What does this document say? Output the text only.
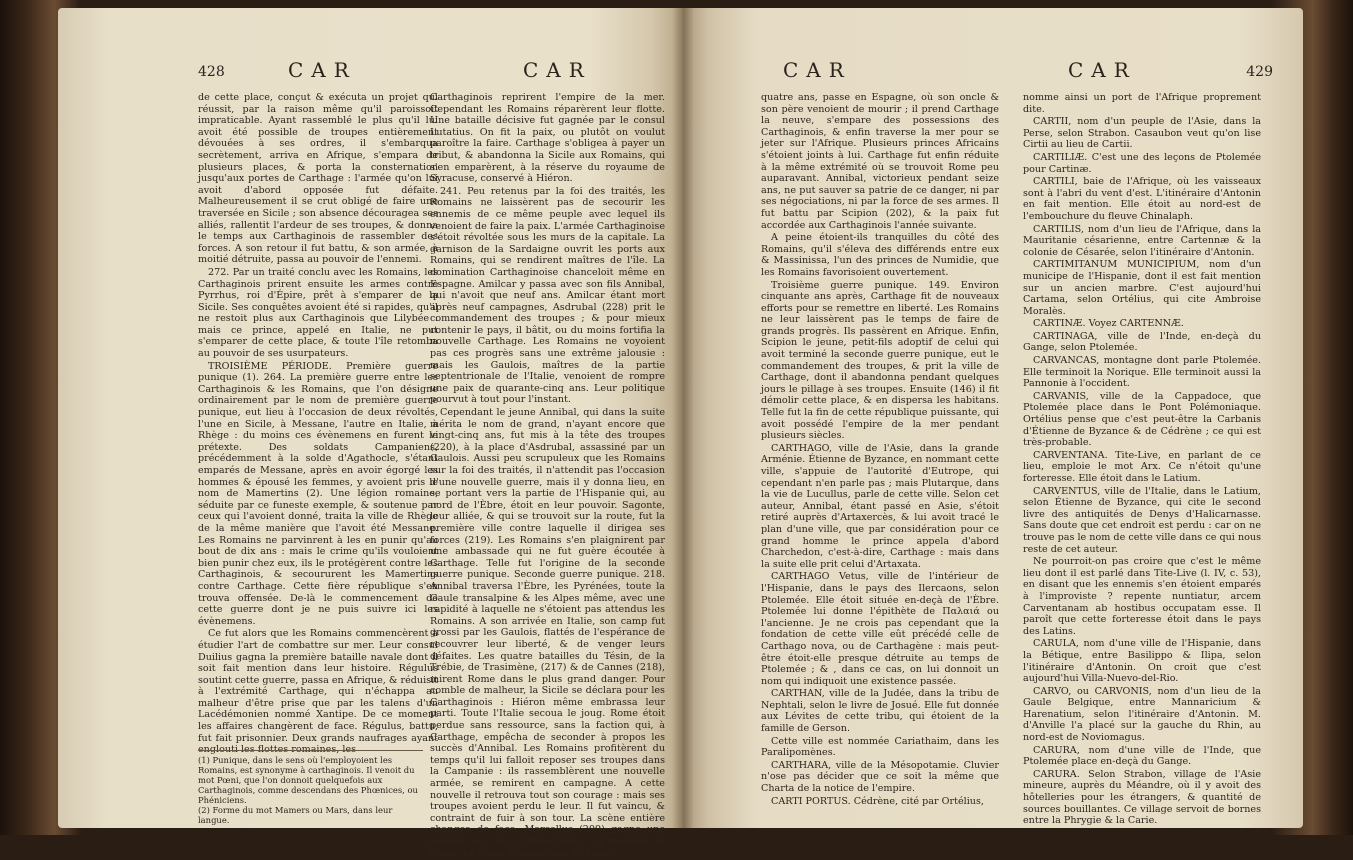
428	CAR	CAR

de cette place, conçut & exécuta un projet qui réussit, par la raison même qu'il paroissoit impraticable. Ayant rassemblé le plus qu'il lui avoit été possible de troupes entièrement dévouées à ses ordres, il s'embarqua secrètement, arriva en Afrique, s'empara de plusieurs places, & porta la consternation jusqu'aux portes de Carthage : l'armée qu'on lui avoit d'abord opposée fut défaite. Malheureusement il se crut obligé de faire une traversée en Sicile ; son absence découragea ses alliés, rallentit l'ardeur de ses troupes, & donna le temps aux Carthaginois de rassembler des forces. A son retour il fut battu, & son armée, à moitié détruite, passa au pouvoir de l'ennemi.

272. Par un traité conclu avec les Romains, les Carthaginois prirent ensuite les armes contre Pyrrhus, roi d'Épire, prêt à s'emparer de la Sicile. Ses conquêtes avoient été si rapides, qu'il ne restoit plus aux Carthaginois que Lilybée : mais ce prince, appelé en Italie, ne put s'emparer de cette place, & toute l'île retomba au pouvoir de ses usurpateurs.

TROISIÈME PÉRIODE. Première guerre punique (1). 264. La première guerre entre les Carthaginois & les Romains, que l'on désigne ordinairement par le nom de première guerre punique, eut lieu à l'occasion de deux révoltés, l'une en Sicile, à Messane, l'autre en Italie, à Rhège : du moins ces évènemens en furent le prétexte. Des soldats Campaniens, précédemment à la solde d'Agathocle, s'étant emparés de Messane, après en avoir égorgé les hommes & épousé les femmes, y avoient pris le nom de Mamertins (2). Une légion romaine, séduite par ce funeste exemple, & soutenue par ceux qui l'avoient donné, traita la ville de Rhège de la même manière que l'avoit été Messane. Les Romains ne parvinrent à les en punir qu'au bout de dix ans : mais le crime qu'ils vouloient bien punir chez eux, ils le protégèrent contre les Carthaginois, & secoururent les Mamertins contre Carthage. Cette fière république s'en trouva offensée. De-là le commencement de cette guerre dont je ne puis suivre ici les évènemens.

Ce fut alors que les Romains commencèrent à étudier l'art de combattre sur mer. Leur consul Duilius gagna la première bataille navale dont il soit fait mention dans leur histoire. Régulus soutint cette guerre, passa en Afrique, & réduisit à l'extrémité Carthage, qui n'échappa au malheur d'être prise que par les talens d'un Lacédémonien nommé Xantipe. De ce moment les affaires changèrent de face. Régulus, battu, fut fait prisonnier. Deux grands naufrages ayant englouti les flottes romaines, les

(1) Punique, dans le sens où l'employoient les Romains, est synonyme à carthaginois. Il venoit du mot Pœni, que l'on donnoit quelquefois aux Carthaginois, comme descendans des Phœnices, ou Phéniciens.

(2) Forme du mot Mamers ou Mars, dans leur langue.

Carthaginois reprirent l'empire de la mer. Cependant les Romains réparèrent leur flotte. Une bataille décisive fut gagnée par le consul Lutatius. On fit la paix, ou plutôt on voulut paroître la faire. Carthage s'obligea à payer un tribut, & abandonna la Sicile aux Romains, qui s'en emparèrent, à la réserve du royaume de Syracuse, conservé à Hiéron.

241. Peu retenus par la foi des traités, les Romains ne laissèrent pas de secourir les ennemis de ce même peuple avec lequel ils venoient de faire la paix. L'armée Carthaginoise s'étoit révoltée sous les murs de la capitale. La garnison de la Sardaigne ouvrit les ports aux Romains, qui se rendirent maîtres de l'île. La domination Carthaginoise chanceloit même en Espagne. Amilcar y passa avec son fils Annibal, qui n'avoit que neuf ans. Amilcar étant mort après neuf campagnes, Asdrubal (228) prit le commandement des troupes ; & pour mieux contenir le pays, il bâtit, ou du moins fortifia la nouvelle Carthage. Les Romains ne voyoient pas ces progrès sans une extrême jalousie : mais les Gaulois, maîtres de la partie septentrionale de l'Italie, venoient de rompre une paix de quarante-cinq ans. Leur politique pourvut à tout pour l'instant.

Cependant le jeune Annibal, qui dans la suite mérita le nom de grand, n'ayant encore que vingt-cinq ans, fut mis à la tête des troupes (220), à la place d'Asdrubal, assassiné par un Gaulois. Aussi peu scrupuleux que les Romains sur la foi des traités, il n'attendit pas l'occasion d'une nouvelle guerre, mais il y donna lieu, en se portant vers la partie de l'Hispanie qui, au nord de l'Èbre, étoit en leur pouvoir. Sagonte, leur alliée, & qui se trouvoit sur la route, fut la première ville contre laquelle il dirigea ses forces (219). Les Romains s'en plaignirent par une ambassade qui ne fut guère écoutée à Carthage. Telle fut l'origine de la seconde guerre punique. Seconde guerre punique. 218. Annibal traversa l'Èbre, les Pyrénées, toute la Gaule transalpine & les Alpes même, avec une rapidité à laquelle ne s'étoient pas attendus les Romains. A son arrivée en Italie, son camp fut grossi par les Gaulois, flattés de l'espérance de recouvrer leur liberté, & de venger leurs défaites. Les quatre batailles du Tésin, de la Trébie, de Trasimène, (217) & de Cannes (218), mirent Rome dans le plus grand danger. Pour comble de malheur, la Sicile se déclara pour les Carthaginois : Hiéron même embrassa leur parti. Toute l'Italie secoua le joug. Rome étoit perdue sans ressource, sans la faction qui, à Carthage, empêcha de seconder à propos les succès d'Annibal. Les Romains profitèrent du temps qu'il lui falloit reposer ses troupes dans la Campanie : ils rassemblèrent une nouvelle armée, se remirent en campagne. A cette nouvelle il retrouva tout son courage : mais ses troupes avoient perdu le leur. Il fut vaincu, & contraint de fuir à son tour. La scène entière changea de face. Marcellus (209) gagne une bataille sur les Carthaginois : il regagne la Sicile. Le jeune Scipion, âgé de vingt-

CAR	CAR	429

quatre ans, passe en Espagne, où son oncle & son père venoient de mourir ; il prend Carthage la neuve, s'empare des possessions des Carthaginois, & enfin traverse la mer pour se jeter sur l'Afrique. Plusieurs princes Africains s'étoient joints à lui. Carthage fut enfin réduite à la même extrémité où se trouvoit Rome peu auparavant. Annibal, victorieux pendant seize ans, ne put sauver sa patrie de ce danger, ni par ses négociations, ni par la force de ses armes. Il fut battu par Scipion (202), & la paix fut accordée aux Carthaginois l'année suivante.

A peine étoient-ils tranquilles du côté des Romains, qu'il s'éleva des différends entre eux & Massinissa, l'un des princes de Numidie, que les Romains favorisoient ouvertement.

Troisième guerre punique. 149. Environ cinquante ans après, Carthage fit de nouveaux efforts pour se remettre en liberté. Les Romains ne leur laissèrent pas le temps de faire de grands progrès. Ils passèrent en Afrique. Enfin, Scipion le jeune, petit-fils adoptif de celui qui avoit terminé la seconde guerre punique, eut le commandement des troupes, & prit la ville de Carthage, dont il abandonna pendant quelques jours le pillage à ses troupes. Ensuite (146) il fit démolir cette place, & en dispersa les habitans. Telle fut la fin de cette république puissante, qui avoit possédé l'empire de la mer pendant plusieurs siècles.

CARTHAGO, ville de l'Asie, dans la grande Arménie. Étienne de Byzance, en nommant cette ville, s'appuie de l'autorité d'Eutrope, qui cependant n'en parle pas ; mais Plutarque, dans la vie de Lucullus, parle de cette ville. Selon cet auteur, Annibal, étant passé en Asie, s'étoit retiré auprès d'Artaxercès, & lui avoit tracé le plan d'une ville, que par considération pour ce grand homme le prince appela d'abord Charchedon, c'est-à-dire, Carthage : mais dans la suite elle prit celui d'Artaxata.

CARTHAGO Vetus, ville de l'intérieur de l'Hispanie, dans le pays des Ilercaons, selon Ptolemée. Elle étoit située en-deçà de l'Èbre. Ptolemée lui donne l'épithète de Παλαιά ou l'ancienne. Je ne crois pas cependant que la fondation de cette ville eût précédé celle de Carthago nova, ou de Carthagène : mais peut-être étoit-elle presque détruite au temps de Ptolemée ; & , dans ce cas, on lui donnoit un nom qui indiquoit une existence passée.

CARTHAN, ville de la Judée, dans la tribu de Nephtali, selon le livre de Josué. Elle fut donnée aux Lévites de cette tribu, qui étoient de la famille de Gerson.

Cette ville est nommée Cariathaim, dans les Paralipomènes.

CARTHARA, ville de la Mésopotamie. Cluvier n'ose pas décider que ce soit la même que Charta de la notice de l'empire.

CARTI PORTUS. Cédrène, cité par Ortélius,

nomme ainsi un port de l'Afrique proprement dite.

CARTII, nom d'un peuple de l'Asie, dans la Perse, selon Strabon. Casaubon veut qu'on lise Cirtii au lieu de Cartii.

CARTILIÆ. C'est une des leçons de Ptolemée pour Cartinæ.

CARTILI, baie de l'Afrique, où les vaisseaux sont à l'abri du vent d'est. L'itinéraire d'Antonin en fait mention. Elle étoit au nord-est de l'embouchure du fleuve Chinalaph.

CARTILIS, nom d'un lieu de l'Afrique, dans la Mauritanie césarienne, entre Cartennæ & la colonie de Césarée, selon l'itinéraire d'Antonin.

CARTIMITANUM MUNICIPIUM, nom d'un municipe de l'Hispanie, dont il est fait mention sur un ancien marbre. C'est aujourd'hui Cartama, selon Ortélius, qui cite Ambroise Moralès.

CARTINÆ. Voyez CARTENNÆ.

CARTINAGA, ville de l'Inde, en-deçà du Gange, selon Ptolemée.

CARVANCAS, montagne dont parle Ptolemée. Elle terminoit la Norique. Elle terminoit aussi la Pannonie à l'occident.

CARVANIS, ville de la Cappadoce, que Ptolemée place dans le Pont Polémoniaque. Ortélius pense que c'est peut-être la Carbanis d'Étienne de Byzance & de Cédrène ; ce qui est très-probable.

CARVENTANA. Tite-Live, en parlant de ce lieu, emploie le mot Arx. Ce n'étoit qu'une forteresse. Elle étoit dans le Latium.

CARVENTUS, ville de l'Italie, dans le Latium, selon Étienne de Byzance, qui cite le second livre des antiquités de Denys d'Halicarnasse. Sans doute que cet endroit est perdu : car on ne trouve pas le nom de cette ville dans ce qui nous reste de cet auteur.

Ne pourroit-on pas croire que c'est le même lieu dont il est parlé dans Tite-Live (l. IV, c. 53), en disant que les ennemis s'en étoient emparés à l'improviste ? repente nuntiatur, arcem Carventanam ab hostibus occupatam esse. Il paroît que cette forteresse étoit dans le pays des Latins.

CARULA, nom d'une ville de l'Hispanie, dans la Bétique, entre Basilippo & Ilipa, selon l'itinéraire d'Antonin. On croit que c'est aujourd'hui Villa-Nuevo-del-Rio.

CARVO, ou CARVONIS, nom d'un lieu de la Gaule Belgique, entre Mannaricium & Harenatium, selon l'itinéraire d'Antonin. M. d'Anville l'a placé sur la gauche du Rhin, au nord-est de Noviomagus.

CARURA, nom d'une ville de l'Inde, que Ptolemée place en-deçà du Gange.

CARURA. Selon Strabon, village de l'Asie mineure, auprès du Méandre, où il y avoit des hôtelleries pour les étrangers, & quantité de sources bouillantes. Ce village servoit de bornes entre la Phrygie & la Carie.
